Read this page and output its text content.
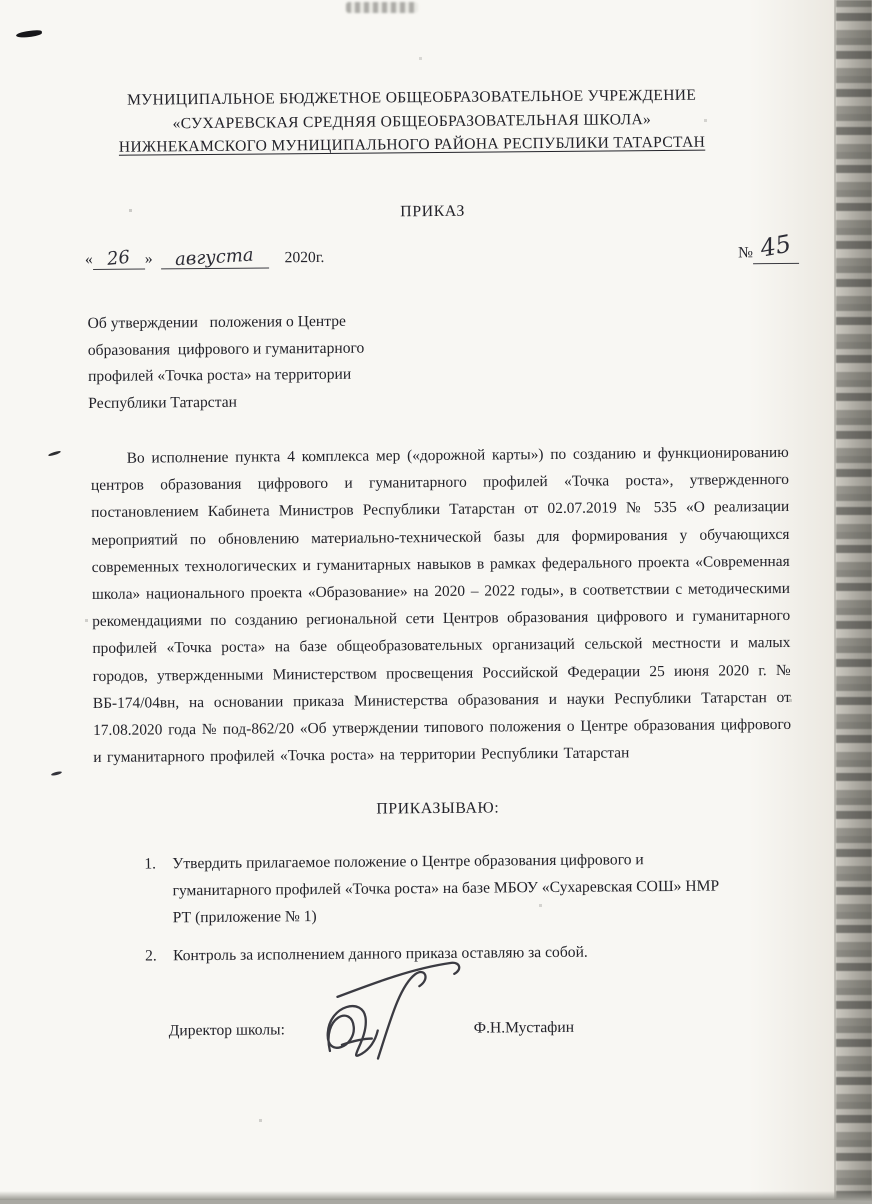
МУНИЦИПАЛЬНОЕ БЮДЖЕТНОЕ ОБЩЕОБРАЗОВАТЕЛЬНОЕ УЧРЕЖДЕНИЕ
«СУХАРЕВСКАЯ СРЕДНЯЯ ОБЩЕОБРАЗОВАТЕЛЬНАЯ ШКОЛА»
НИЖНЕКАМСКОГО МУНИЦИПАЛЬНОГО РАЙОНА РЕСПУБЛИКИ ТАТАРСТАН
ПРИКАЗ
« 26 » августа 2020г.	№ 45
Об утверждении   положения о Центре
образования  цифрового и гуманитарного
профилей «Точка роста» на территории
Республики Татарстан
Во исполнение пункта 4 комплекса мер («дорожной карты») по созданию и функционированию центров образования цифрового и гуманитарного профилей «Точка роста», утвержденного постановлением Кабинета Министров Республики Татарстан от 02.07.2019 № 535 «О реализации мероприятий по обновлению материально-технической базы для формирования у обучающихся современных технологических и гуманитарных навыков в рамках федерального проекта «Современная школа» национального проекта «Образование» на 2020 – 2022 годы», в соответствии с методическими рекомендациями по созданию региональной сети Центров образования цифрового и гуманитарного профилей «Точка роста» на базе общеобразовательных организаций сельской местности и малых городов, утвержденными Министерством просвещения Российской Федерации 25 июня 2020 г. № ВБ-174/04вн, на основании приказа Министерства образования и науки Республики Татарстан от 17.08.2020 года № под-862/20 «Об утверждении типового положения о Центре образования цифрового и гуманитарного профилей «Точка роста» на территории Республики Татарстан
ПРИКАЗЫВАЮ:
1.	Утвердить прилагаемое положение о Центре образования цифрового и гуманитарного профилей «Точка роста» на базе МБОУ «Сухаревская СОШ» НМР РТ (приложение № 1)
2.	Контроль за исполнением данного приказа оставляю за собой.
Директор школы:	Ф.Н.Мустафин
